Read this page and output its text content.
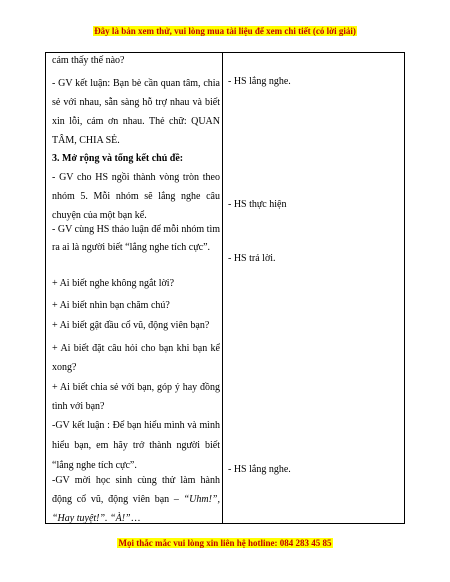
Đây là bản xem thử, vui lòng mua tài liệu để xem chi tiết (có lời giải)
cảm thấy thế nào?

- GV kết luận: Bạn bè cần quan tâm, chia sẻ với nhau, sẵn sàng hỗ trợ nhau và biết xin lỗi, cám ơn nhau. Thẻ chữ: QUAN TÂM, CHIA SẺ.

3. Mở rộng và tổng kết chủ đề:

- GV cho HS ngồi thành vòng tròn theo nhóm 5. Mỗi nhóm sẽ lắng nghe câu chuyện của một bạn kể.

- GV cùng HS thảo luận để mỗi nhóm tìm ra ai là người biết “lắng nghe tích cực”.

+ Ai biết nghe không ngắt lời?
+ Ai biết nhìn bạn chăm chú?
+ Ai biết gật đầu cổ vũ, động viên bạn?

+ Ai biết đặt câu hỏi cho bạn khi bạn kể xong?

+ Ai biết chia sẻ với bạn, góp ý hay đồng tình với bạn?

-GV kết luận : Để bạn hiểu mình và mình hiểu bạn, em hãy trở thành người biết “lắng nghe tích cực”.

-GV mời học sinh cùng thử làm hành động cổ vũ, động viên bạn – “Uhm!”, “Hay tuyệt!”. “À!”…

- HS lắng nghe.
- HS thực hiện
- HS trả lời.
- HS lắng nghe.
Mọi thắc mắc vui lòng xin liên hệ hotline: 084 283 45 85
